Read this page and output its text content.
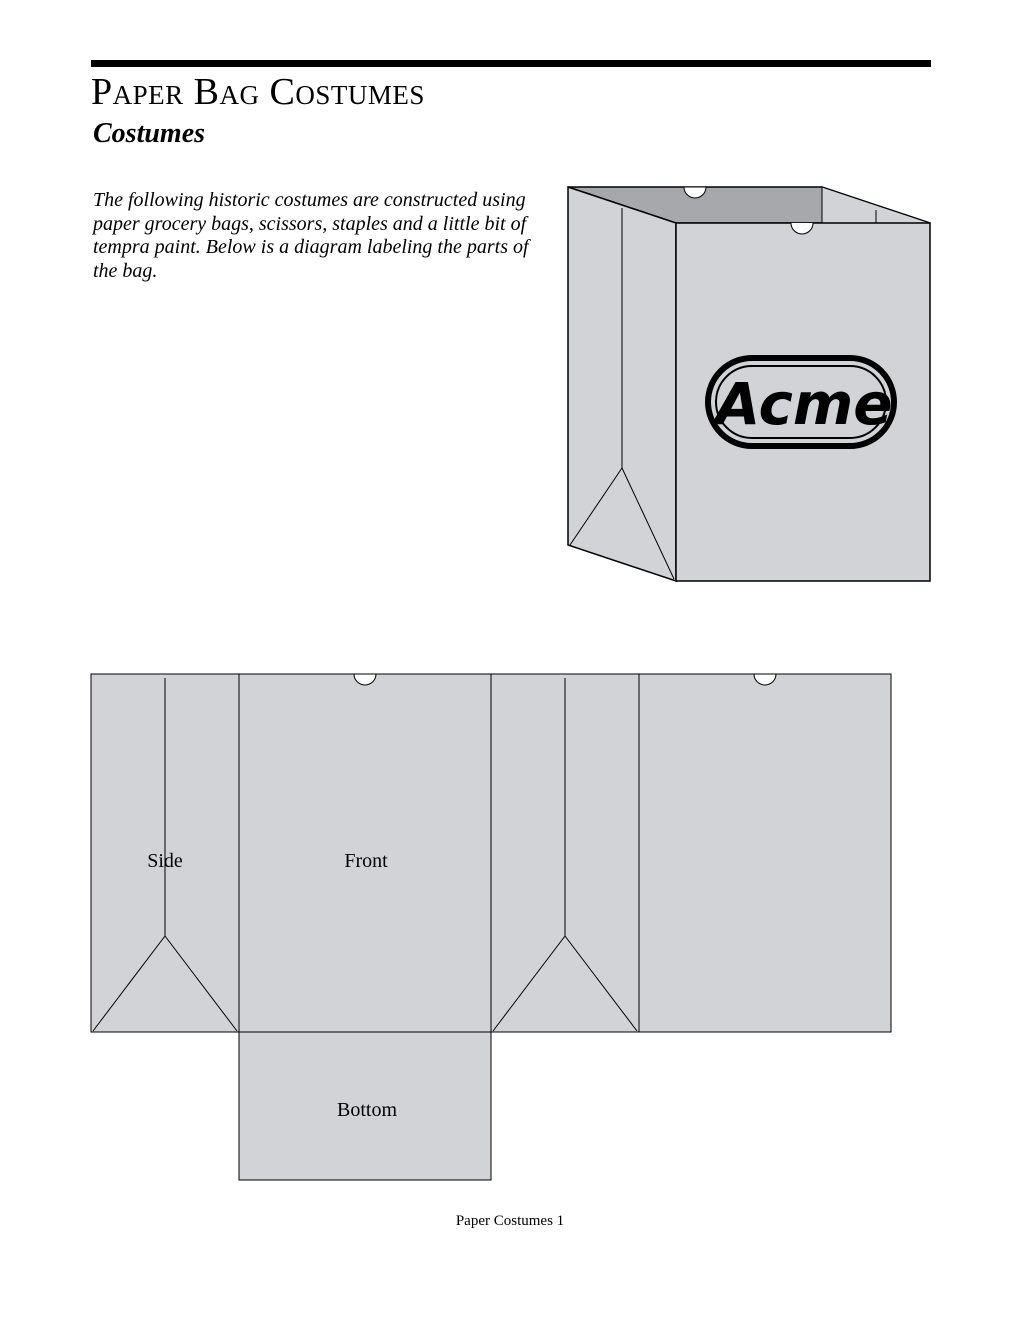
Paper Bag Costumes
Costumes

The following historic costumes are constructed using paper grocery bags, scissors, staples and a little bit of tempra paint. Below is a diagram labeling the parts of the bag.

Acme
Side	Front
Bottom

Paper Costumes 1
